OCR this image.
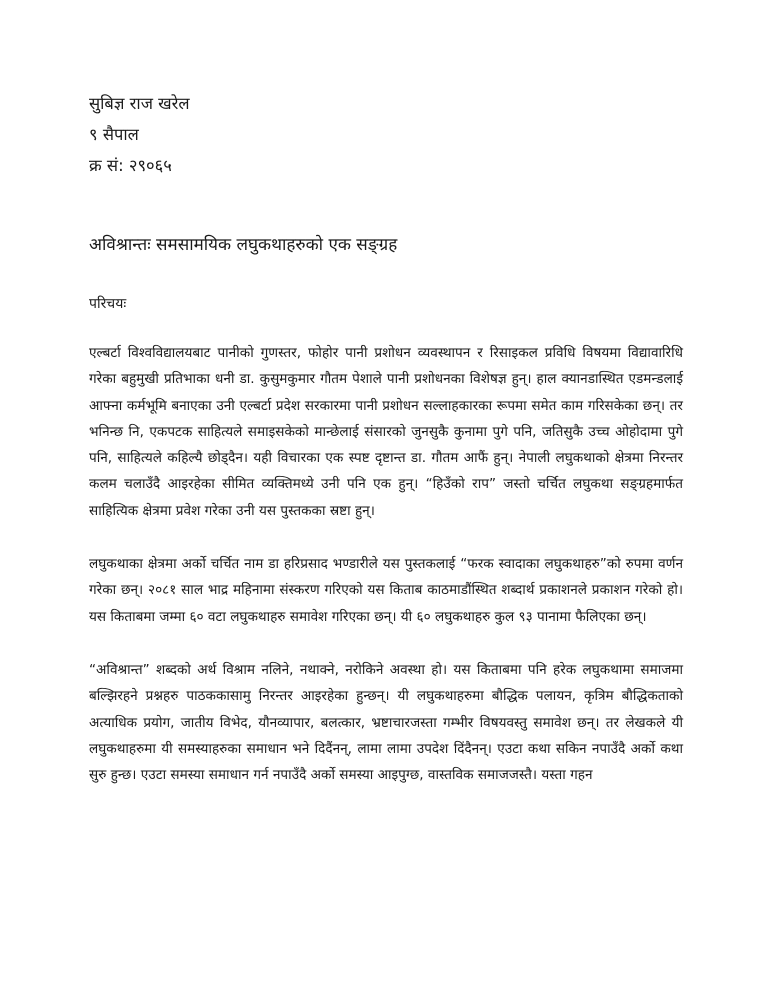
सुबिज्ञ राज खरेल

९ सैपाल

क्र सं: २९०६५

अविश्रान्तः समसामयिक लघुकथाहरुको एक सङ्ग्रह

परिचयः

एल्बर्टा विश्वविद्यालयबाट पानीको गुणस्तर, फोहोर पानी प्रशोधन व्यवस्थापन र रिसाइकल प्रविधि विषयमा विद्यावारिधि गरेका बहुमुखी प्रतिभाका धनी डा. कुसुमकुमार गौतम पेशाले पानी प्रशोधनका विशेषज्ञ हुन्। हाल क्यानडास्थित एडमन्डलाई आफ्ना कर्मभूमि बनाएका उनी एल्बर्टा प्रदेश सरकारमा पानी प्रशोधन सल्लाहकारका रूपमा समेत काम गरिसकेका छन्। तर भनिन्छ नि, एकपटक साहित्यले समाइसकेको मान्छेलाई संसारको जुनसुकै कुनामा पुगे पनि, जतिसुकै उच्च ओहोदामा पुगे पनि, साहित्यले कहिल्यै छोड्दैन। यही विचारका एक स्पष्ट दृष्टान्त डा. गौतम आफैं हुन्। नेपाली लघुकथाको क्षेत्रमा निरन्तर कलम चलाउँदै आइरहेका सीमित व्यक्तिमध्ये उनी पनि एक हुन्। “हिउँको राप” जस्तो चर्चित लघुकथा सङ्ग्रहमार्फत साहित्यिक क्षेत्रमा प्रवेश गरेका उनी यस पुस्तकका स्रष्टा हुन्।

लघुकथाका क्षेत्रमा अर्को चर्चित नाम डा हरिप्रसाद भण्डारीले यस पुस्तकलाई “फरक स्वादाका लघुकथाहरु”को रुपमा वर्णन गरेका छन्। २०८१ साल भाद्र महिनामा संस्करण गरिएको यस किताब काठमाडौंस्थित शब्दार्थ प्रकाशनले प्रकाशन गरेको हो। यस किताबमा जम्मा ६० वटा लघुकथाहरु समावेश गरिएका छन्। यी ६० लघुकथाहरु कुल ९३ पानामा फैलिएका छन्।

“अविश्रान्त” शब्दको अर्थ विश्राम नलिने, नथाक्ने, नरोकिने अवस्था हो। यस किताबमा पनि हरेक लघुकथामा समाजमा बल्झिरहने प्रश्नहरु पाठककासामु निरन्तर आइरहेका हुन्छन्। यी लघुकथाहरुमा बौद्धिक पलायन, कृत्रिम बौद्धिकताको अत्याधिक प्रयोग, जातीय विभेद, यौनव्यापार, बलत्कार, भ्रष्टाचारजस्ता गम्भीर विषयवस्तु समावेश छन्। तर लेखकले यी लघुकथाहरुमा यी समस्याहरुका समाधान भने दिदैंनन्, लामा लामा उपदेश दिंदैनन्। एउटा कथा सकिन नपाउँदै अर्को कथा सुरु हुन्छ। एउटा समस्या समाधान गर्न नपाउँदै अर्को समस्या आइपुग्छ, वास्तविक समाजजस्तै। यस्ता गहन
